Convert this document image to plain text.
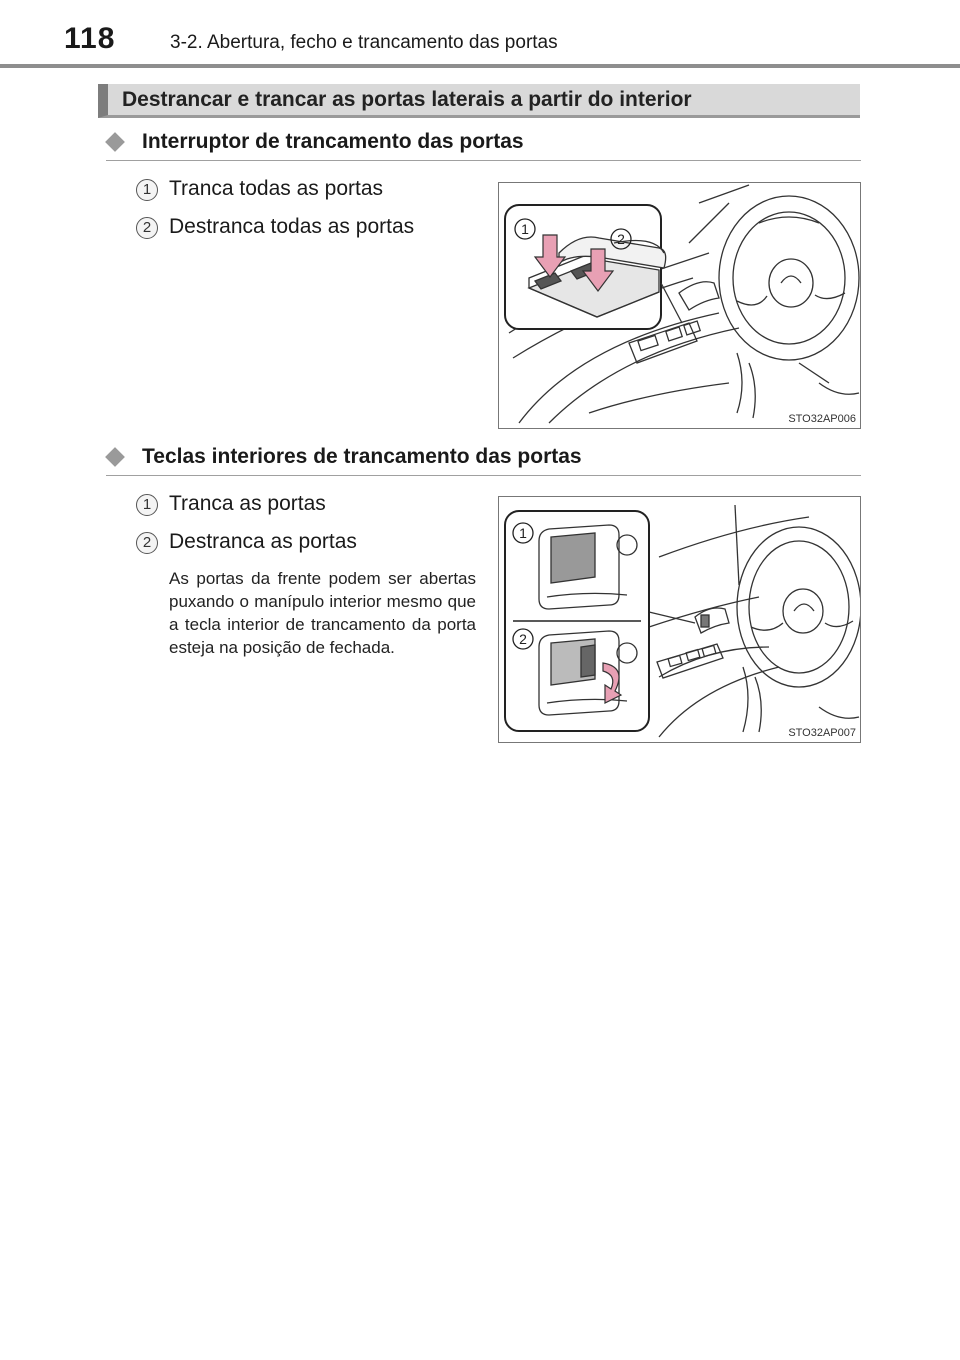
118	3-2. Abertura, fecho e trancamento das portas
Destrancar e trancar as portas laterais a partir do interior
Interruptor de trancamento das portas
1 Tranca todas as portas
2 Destranca todas as portas	1
2
STO32AP006
Teclas interiores de trancamento das portas
1 Tranca as portas
2 Destranca as portas
As portas da frente podem ser abertas puxando o manípulo interior mesmo que a tecla interior de trancamento da porta esteja na posição de fechada.
1
2
STO32AP007
